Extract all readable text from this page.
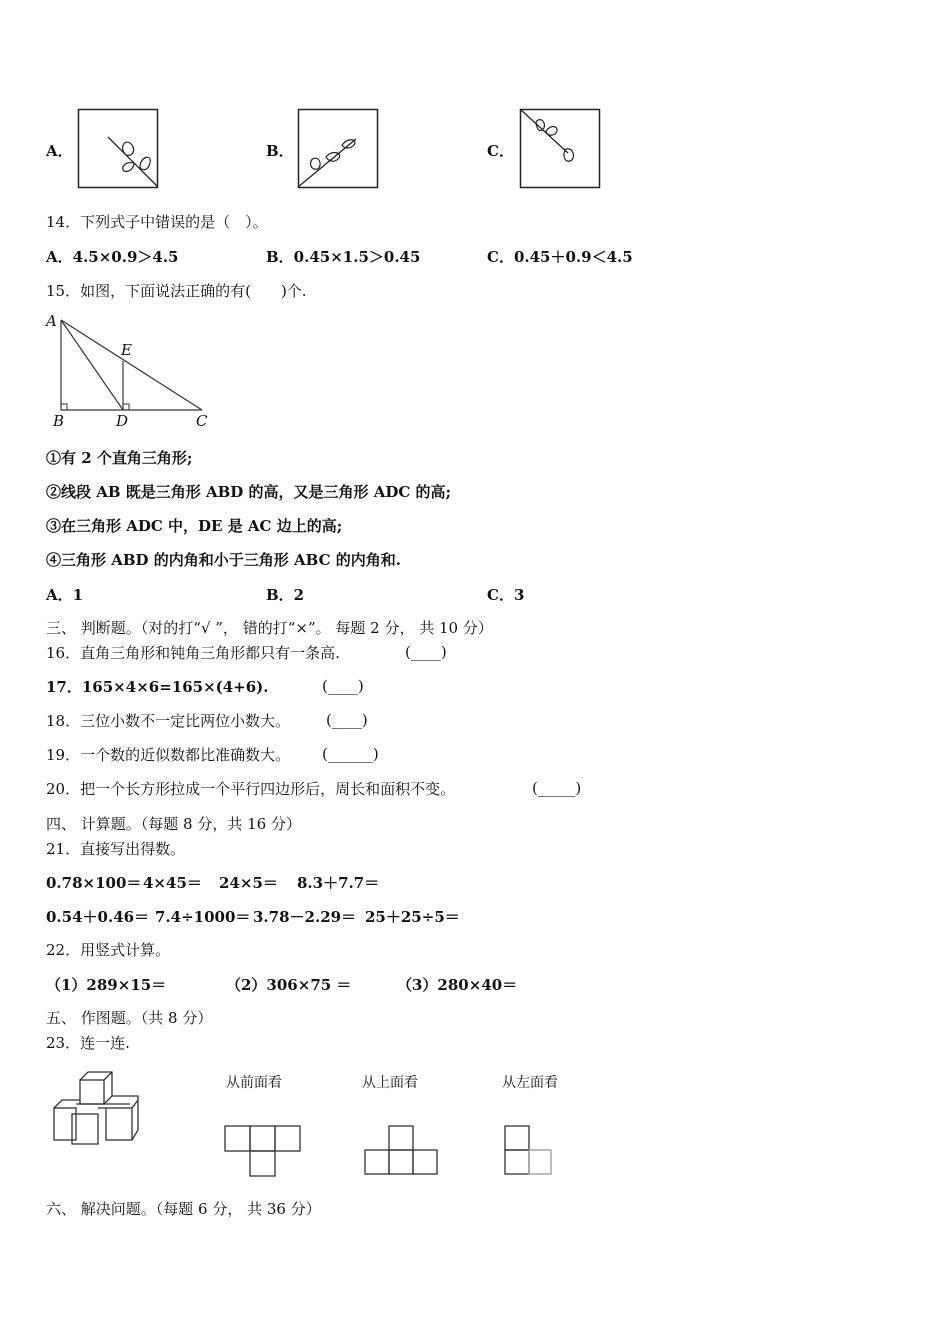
A．	B．	C．
14．下列式子中错误的是（　）。
A．4.5×0.9＞4.5	B．0.45×1.5＞0.45	C．0.45＋0.9＜4.5
15．如图，下面说法正确的有(　　)个.
A
E
B	D	C
①有 2 个直角三角形;
②线段 AB 既是三角形 ABD 的高，又是三角形 ADC 的高;
③在三角形 ADC 中，DE 是 AC 边上的高;
④三角形 ABD 的内角和小于三角形 ABC 的内角和.
A．1	B．2	C．3
三、 判断题。（对的打“√ ”， 错的打“×”。 每题 2 分， 共 10 分）
16．直角三角形和钝角三角形都只有一条高.	(____)
17．165×4×6=165×(4+6).	(____)
18．三位小数不一定比两位小数大。 (____)
19．一个数的近似数都比准确数大。 (______)
20．把一个长方形拉成一个平行四边形后，周长和面积不变。	(_____)
四、 计算题。（每题 8 分，共 16 分）
21．直接写出得数。
0.78×100＝ 4×45＝ 24×5＝ 8.3＋7.7＝
0.54＋0.46＝ 7.4÷1000＝ 3.78－2.29＝ 25＋25÷5＝
22．用竖式计算。
（1）289×15＝	（2）306×75 ＝	（3）280×40＝
五、 作图题。（共 8 分）
23．连一连.
从前面看	从上面看	从左面看
六、 解决问题。（每题 6 分， 共 36 分）
